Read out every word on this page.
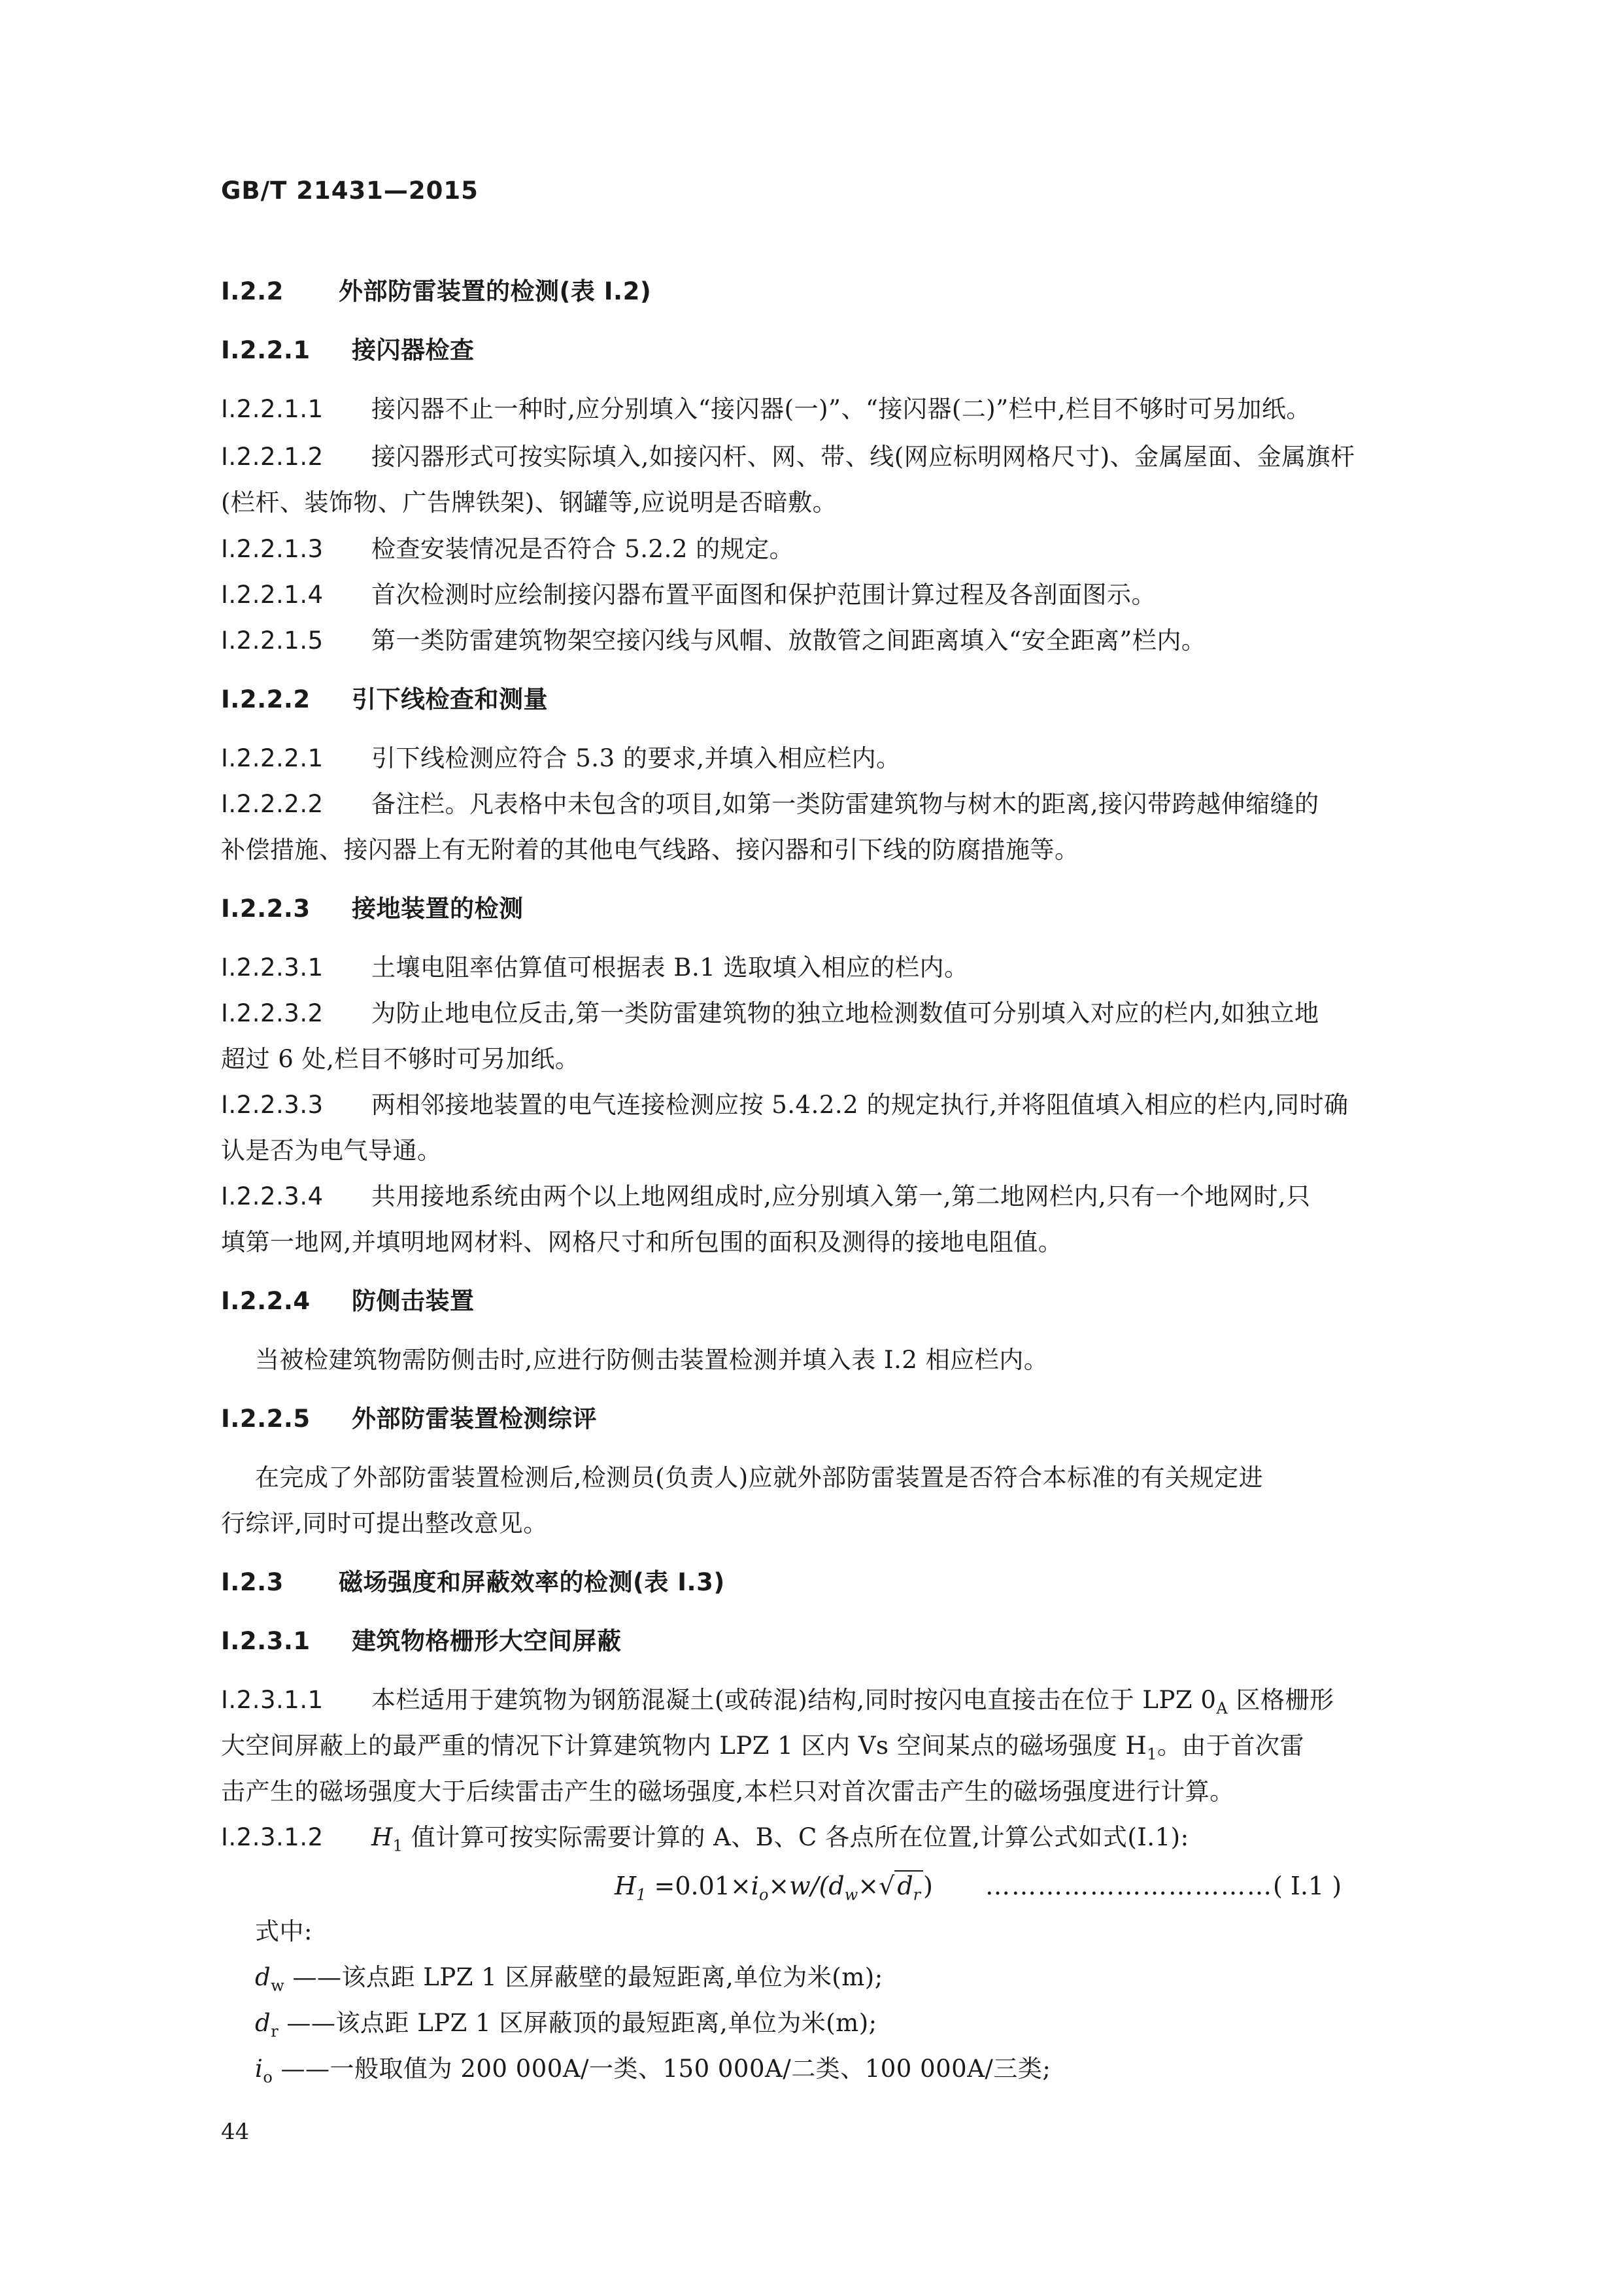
GB/T 21431—2015
I.2.2 外部防雷装置的检测(表 I.2)
I.2.2.1 接闪器检查
I.2.2.1.1 接闪器不止一种时,应分别填入“接闪器(一)”、“接闪器(二)”栏中,栏目不够时可另加纸。
I.2.2.1.2 接闪器形式可按实际填入,如接闪杆、网、带、线(网应标明网格尺寸)、金属屋面、金属旗杆
(栏杆、装饰物、广告牌铁架)、钢罐等,应说明是否暗敷。
I.2.2.1.3 检查安装情况是否符合 5.2.2 的规定。
I.2.2.1.4 首次检测时应绘制接闪器布置平面图和保护范围计算过程及各剖面图示。
I.2.2.1.5 第一类防雷建筑物架空接闪线与风帽、放散管之间距离填入“安全距离”栏内。
I.2.2.2 引下线检查和测量
I.2.2.2.1 引下线检测应符合 5.3 的要求,并填入相应栏内。
I.2.2.2.2 备注栏。凡表格中未包含的项目,如第一类防雷建筑物与树木的距离,接闪带跨越伸缩缝的
补偿措施、接闪器上有无附着的其他电气线路、接闪器和引下线的防腐措施等。
I.2.2.3 接地装置的检测
I.2.2.3.1 土壤电阻率估算值可根据表 B.1 选取填入相应的栏内。
I.2.2.3.2 为防止地电位反击,第一类防雷建筑物的独立地检测数值可分别填入对应的栏内,如独立地
超过 6 处,栏目不够时可另加纸。
I.2.2.3.3 两相邻接地装置的电气连接检测应按 5.4.2.2 的规定执行,并将阻值填入相应的栏内,同时确
认是否为电气导通。
I.2.2.3.4 共用接地系统由两个以上地网组成时,应分别填入第一,第二地网栏内,只有一个地网时,只
填第一地网,并填明地网材料、网格尺寸和所包围的面积及测得的接地电阻值。
I.2.2.4 防侧击装置
当被检建筑物需防侧击时,应进行防侧击装置检测并填入表 I.2 相应栏内。
I.2.2.5 外部防雷装置检测综评
在完成了外部防雷装置检测后,检测员(负责人)应就外部防雷装置是否符合本标准的有关规定进
行综评,同时可提出整改意见。
I.2.3 磁场强度和屏蔽效率的检测(表 I.3)
I.2.3.1 建筑物格栅形大空间屏蔽
I.2.3.1.1 本栏适用于建筑物为钢筋混凝土(或砖混)结构,同时按闪电直接击在位于 LPZ $0_A$ 区格栅形
大空间屏蔽上的最严重的情况下计算建筑物内 LPZ 1 区内 Vs 空间某点的磁场强度 $H_1$。由于首次雷
击产生的磁场强度大于后续雷击产生的磁场强度,本栏只对首次雷击产生的磁场强度进行计算。
I.2.3.1.2 $H_1$ 值计算可按实际需要计算的 A、B、C 各点所在位置,计算公式如式(I.1):
$H_1 =0.01\times i_o\times w/(d_w\times√$ $d_r$ ) ……………………………( I.1 )
式中:
$d_w$ ——该点距 LPZ 1 区屏蔽壁的最短距离,单位为米(m);
$d_r$ ——该点距 LPZ 1 区屏蔽顶的最短距离,单位为米(m);
$i_o$ ——一般取值为 200 000A/一类、150 000A/二类、100 000A/三类;
44
